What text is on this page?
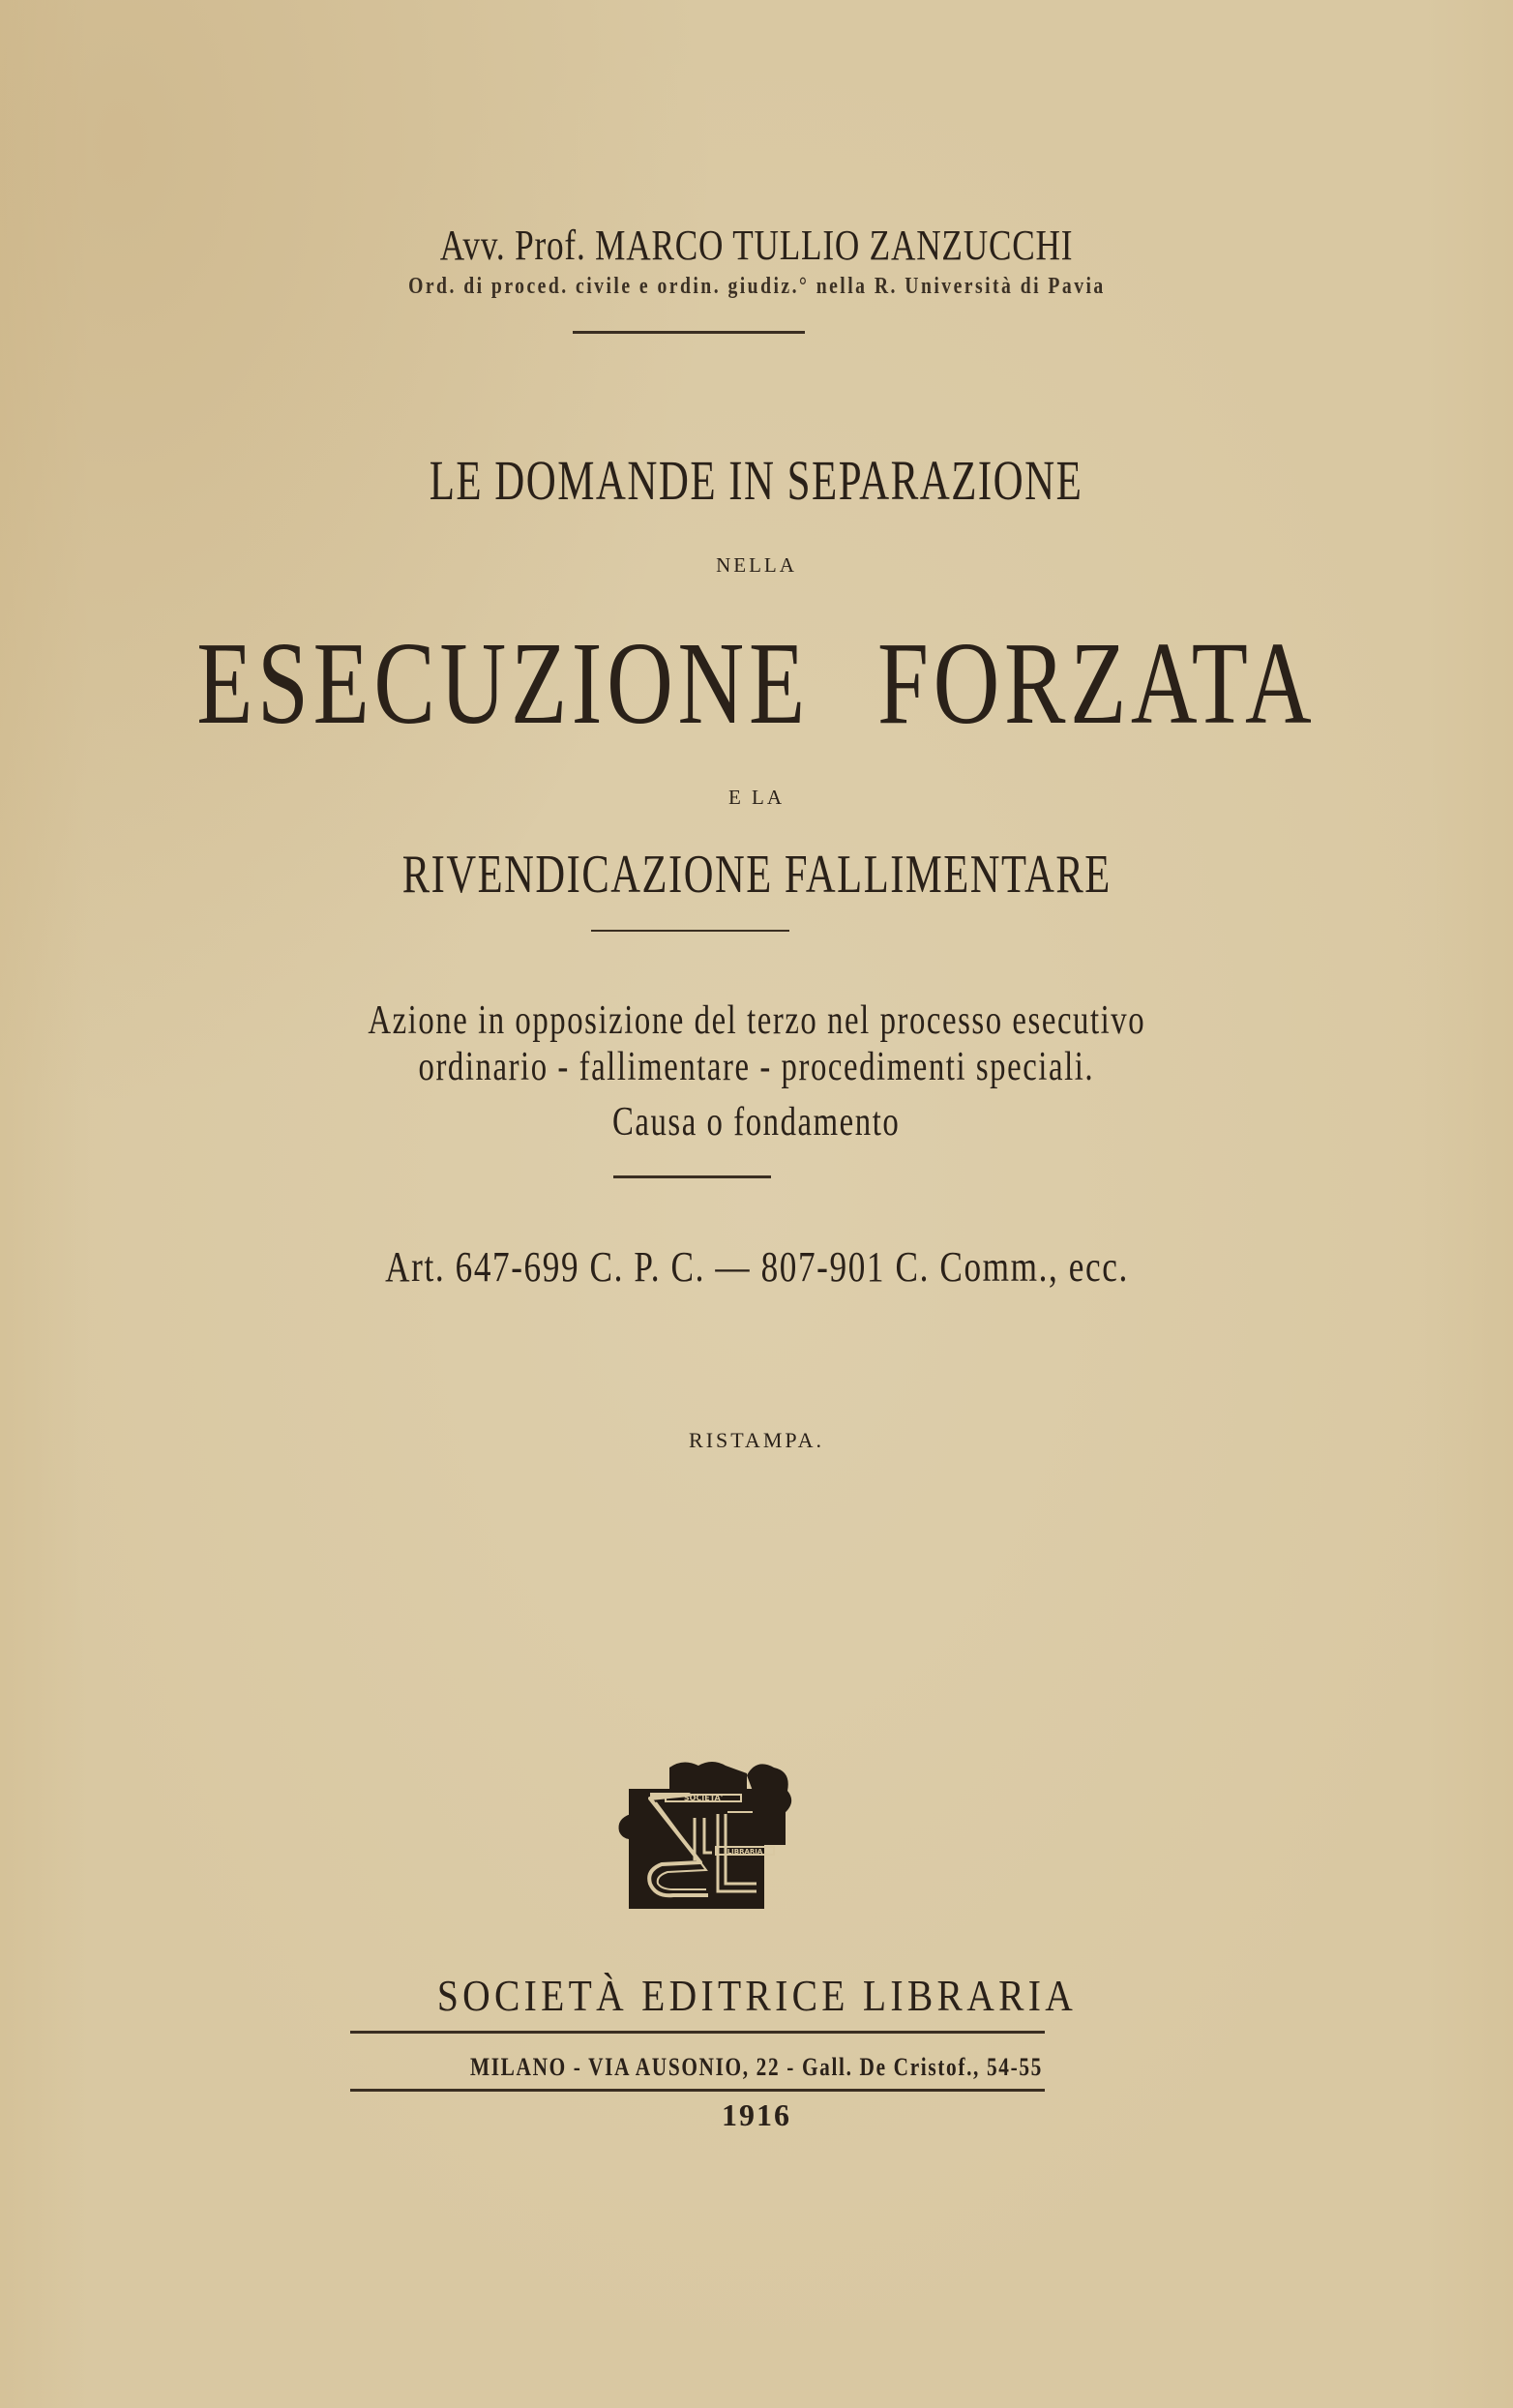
Avv. Prof. MARCO TULLIO ZANZUCCHI
Ord. di proced. civile e ordin. giudiz.° nella R. Università di Pavia
LE DOMANDE IN SEPARAZIONE
NELLA
ESECUZIONE FORZATA
E LA
RIVENDICAZIONE FALLIMENTARE
Azione in opposizione del terzo nel processo esecutivo
ordinario - fallimentare - procedimenti speciali.
Causa o fondamento
Art. 647-699 C. P. C. — 807-901 C. Comm., ecc.
RISTAMPA.
SOCIETA'
LIBRARIA
SOCIETÀ EDITRICE LIBRARIA
MILANO - VIA AUSONIO, 22 - Gall. De Cristof., 54-55
1916
